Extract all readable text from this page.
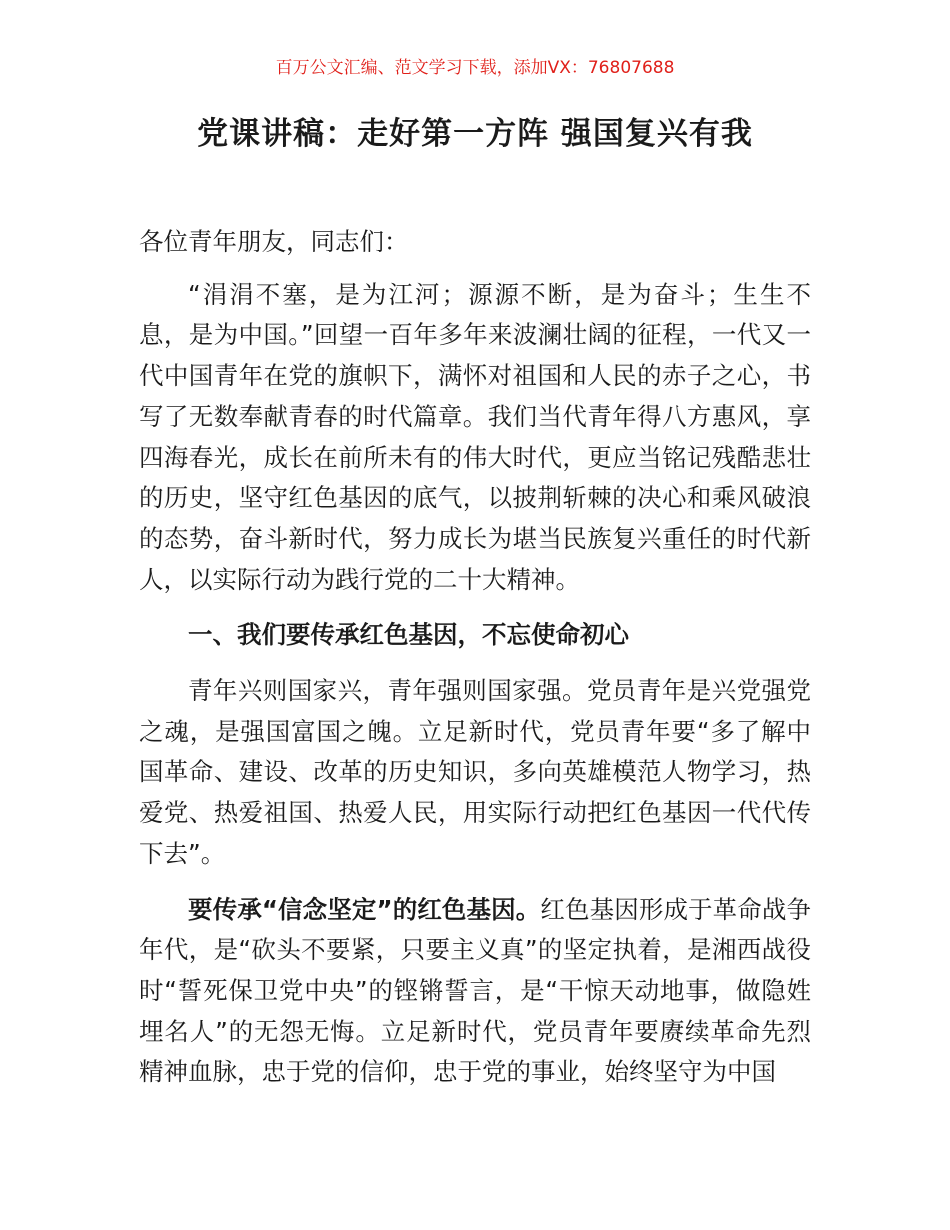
百万公文汇编、范文学习下载，添加VX：76807688
党课讲稿：走好第一方阵 强国复兴有我

各位青年朋友，同志们：

“涓涓不塞，是为江河；源源不断，是为奋斗；生生不息，是为中国。”回望一百年多年来波澜壮阔的征程，一代又一代中国青年在党的旗帜下，满怀对祖国和人民的赤子之心，书写了无数奉献青春的时代篇章。我们当代青年得八方惠风，享四海春光，成长在前所未有的伟大时代，更应当铭记残酷悲壮的历史，坚守红色基因的底气，以披荆斩棘的决心和乘风破浪的态势，奋斗新时代，努力成长为堪当民族复兴重任的时代新人，以实际行动为践行党的二十大精神。

一、我们要传承红色基因，不忘使命初心

青年兴则国家兴，青年强则国家强。党员青年是兴党强党之魂，是强国富国之魄。立足新时代，党员青年要“多了解中国革命、建设、改革的历史知识，多向英雄模范人物学习，热爱党、热爱祖国、热爱人民，用实际行动把红色基因一代代传下去”。

要传承“信念坚定”的红色基因。红色基因形成于革命战争年代，是“砍头不要紧，只要主义真”的坚定执着，是湘西战役时“誓死保卫党中央”的铿锵誓言，是“干惊天动地事，做隐姓埋名人”的无怨无悔。立足新时代，党员青年要赓续革命先烈精神血脉，忠于党的信仰，忠于党的事业，始终坚守为中国
